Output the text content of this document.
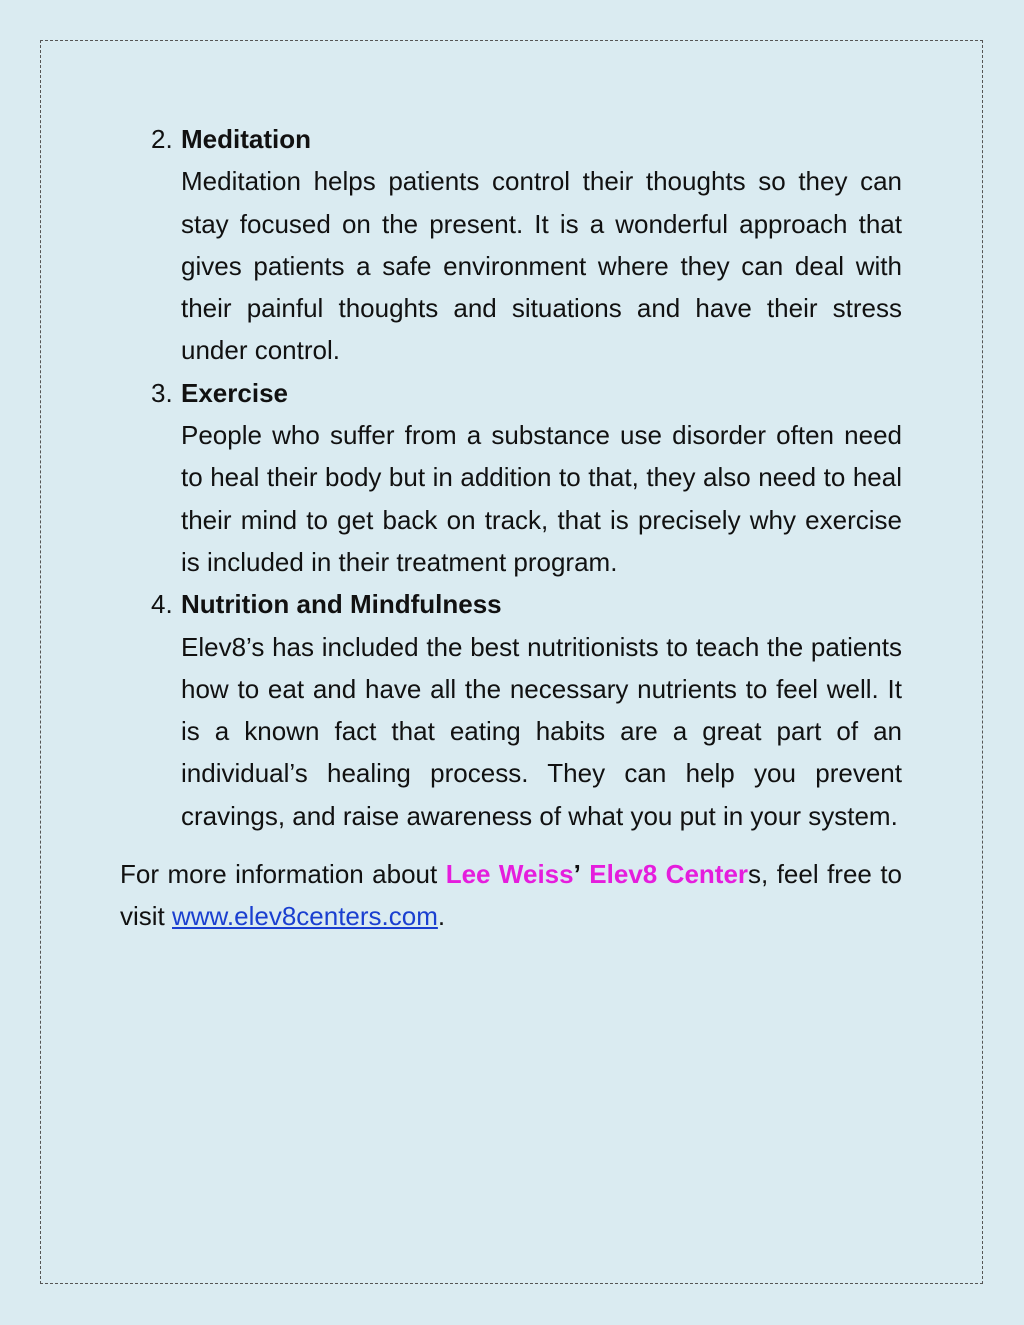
2. Meditation
Meditation helps patients control their thoughts so they can stay focused on the present. It is a wonderful approach that gives patients a safe environment where they can deal with their painful thoughts and situations and have their stress under control.
3. Exercise
People who suffer from a substance use disorder often need to heal their body but in addition to that, they also need to heal their mind to get back on track, that is precisely why exercise is included in their treatment program.
4. Nutrition and Mindfulness
Elev8’s has included the best nutritionists to teach the patients how to eat and have all the necessary nutrients to feel well. It is a known fact that eating habits are a great part of an individual’s healing process. They can help you prevent cravings, and raise awareness of what you put in your system.

For more information about Lee Weiss’ Elev8 Centers, feel free to visit www.elev8centers.com.
